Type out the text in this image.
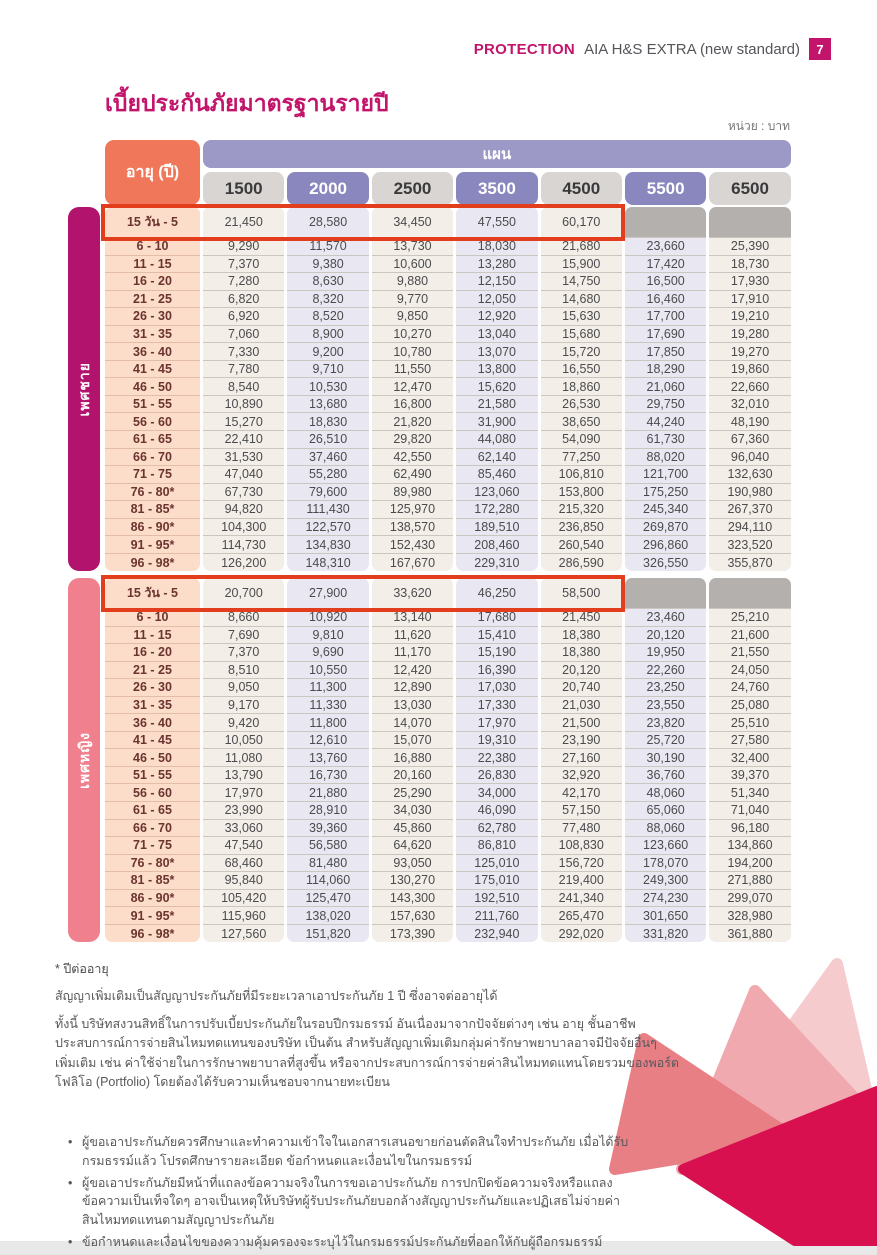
PROTECTION AIA H&S EXTRA (new standard)	7
เบี้ยประกันภัยมาตรฐานรายปี
หน่วย : บาท
อายุ (ปี)
แผน
1500	2000	2500	3500	4500	5500	6500
เพศชาย
15 วัน - 5	21,450	28,580	34,450	47,550	60,170
6 - 10	9,290	11,570	13,730	18,030	21,680	23,660	25,390
11 - 15	7,370	9,380	10,600	13,280	15,900	17,420	18,730
16 - 20	7,280	8,630	9,880	12,150	14,750	16,500	17,930
21 - 25	6,820	8,320	9,770	12,050	14,680	16,460	17,910
26 - 30	6,920	8,520	9,850	12,920	15,630	17,700	19,210
31 - 35	7,060	8,900	10,270	13,040	15,680	17,690	19,280
36 - 40	7,330	9,200	10,780	13,070	15,720	17,850	19,270
41 - 45	7,780	9,710	11,550	13,800	16,550	18,290	19,860
46 - 50	8,540	10,530	12,470	15,620	18,860	21,060	22,660
51 - 55	10,890	13,680	16,800	21,580	26,530	29,750	32,010
56 - 60	15,270	18,830	21,820	31,900	38,650	44,240	48,190
61 - 65	22,410	26,510	29,820	44,080	54,090	61,730	67,360
66 - 70	31,530	37,460	42,550	62,140	77,250	88,020	96,040
71 - 75	47,040	55,280	62,490	85,460	106,810	121,700	132,630
76 - 80*	67,730	79,600	89,980	123,060	153,800	175,250	190,980
81 - 85*	94,820	111,430	125,970	172,280	215,320	245,340	267,370
86 - 90*	104,300	122,570	138,570	189,510	236,850	269,870	294,110
91 - 95*	114,730	134,830	152,430	208,460	260,540	296,860	323,520
96 - 98*	126,200	148,310	167,670	229,310	286,590	326,550	355,870
เพศหญิง
15 วัน - 5	20,700	27,900	33,620	46,250	58,500
6 - 10	8,660	10,920	13,140	17,680	21,450	23,460	25,210
11 - 15	7,690	9,810	11,620	15,410	18,380	20,120	21,600
16 - 20	7,370	9,690	11,170	15,190	18,380	19,950	21,550
21 - 25	8,510	10,550	12,420	16,390	20,120	22,260	24,050
26 - 30	9,050	11,300	12,890	17,030	20,740	23,250	24,760
31 - 35	9,170	11,330	13,030	17,330	21,030	23,550	25,080
36 - 40	9,420	11,800	14,070	17,970	21,500	23,820	25,510
41 - 45	10,050	12,610	15,070	19,310	23,190	25,720	27,580
46 - 50	11,080	13,760	16,880	22,380	27,160	30,190	32,400
51 - 55	13,790	16,730	20,160	26,830	32,920	36,760	39,370
56 - 60	17,970	21,880	25,290	34,000	42,170	48,060	51,340
61 - 65	23,990	28,910	34,030	46,090	57,150	65,060	71,040
66 - 70	33,060	39,360	45,860	62,780	77,480	88,060	96,180
71 - 75	47,540	56,580	64,620	86,810	108,830	123,660	134,860
76 - 80*	68,460	81,480	93,050	125,010	156,720	178,070	194,200
81 - 85*	95,840	114,060	130,270	175,010	219,400	249,300	271,880
86 - 90*	105,420	125,470	143,300	192,510	241,340	274,230	299,070
91 - 95*	115,960	138,020	157,630	211,760	265,470	301,650	328,980
96 - 98*	127,560	151,820	173,390	232,940	292,020	331,820	361,880
* ปีต่ออายุ
สัญญาเพิ่มเติมเป็นสัญญาประกันภัยที่มีระยะเวลาเอาประกันภัย 1 ปี ซึ่งอาจต่ออายุได้
ทั้งนี้ บริษัทสงวนสิทธิ์ในการปรับเบี้ยประกันภัยในรอบปีกรมธรรม์ อันเนื่องมาจากปัจจัยต่างๆ เช่น อายุ ชั้นอาชีพ ประสบการณ์การจ่ายสินไหมทดแทนของบริษัท เป็นต้น สำหรับสัญญาเพิ่มเติมกลุ่มค่ารักษาพยาบาลอาจมีปัจจัยอื่นๆ เพิ่มเติม เช่น ค่าใช้จ่ายในการรักษาพยาบาลที่สูงขึ้น หรือจากประสบการณ์การจ่ายค่าสินไหมทดแทนโดยรวมของพอร์ตโฟลิโอ (Portfolio) โดยต้องได้รับความเห็นชอบจากนายทะเบียน
• ผู้ขอเอาประกันภัยควรศึกษาและทำความเข้าใจในเอกสารเสนอขายก่อนตัดสินใจทำประกันภัย เมื่อได้รับกรมธรรม์แล้ว โปรดศึกษารายละเอียด ข้อกำหนดและเงื่อนไขในกรมธรรม์
• ผู้ขอเอาประกันภัยมีหน้าที่แถลงข้อความจริงในการขอเอาประกันภัย การปกปิดข้อความจริงหรือแถลงข้อความเป็นเท็จใดๆ อาจเป็นเหตุให้บริษัทผู้รับประกันภัยบอกล้างสัญญาประกันภัยและปฏิเสธไม่จ่ายค่าสินไหมทดแทนตามสัญญาประกันภัย
• ข้อกำหนดและเงื่อนไขของความคุ้มครองจะระบุไว้ในกรมธรรม์ประกันภัยที่ออกให้กับผู้ถือกรมธรรม์
